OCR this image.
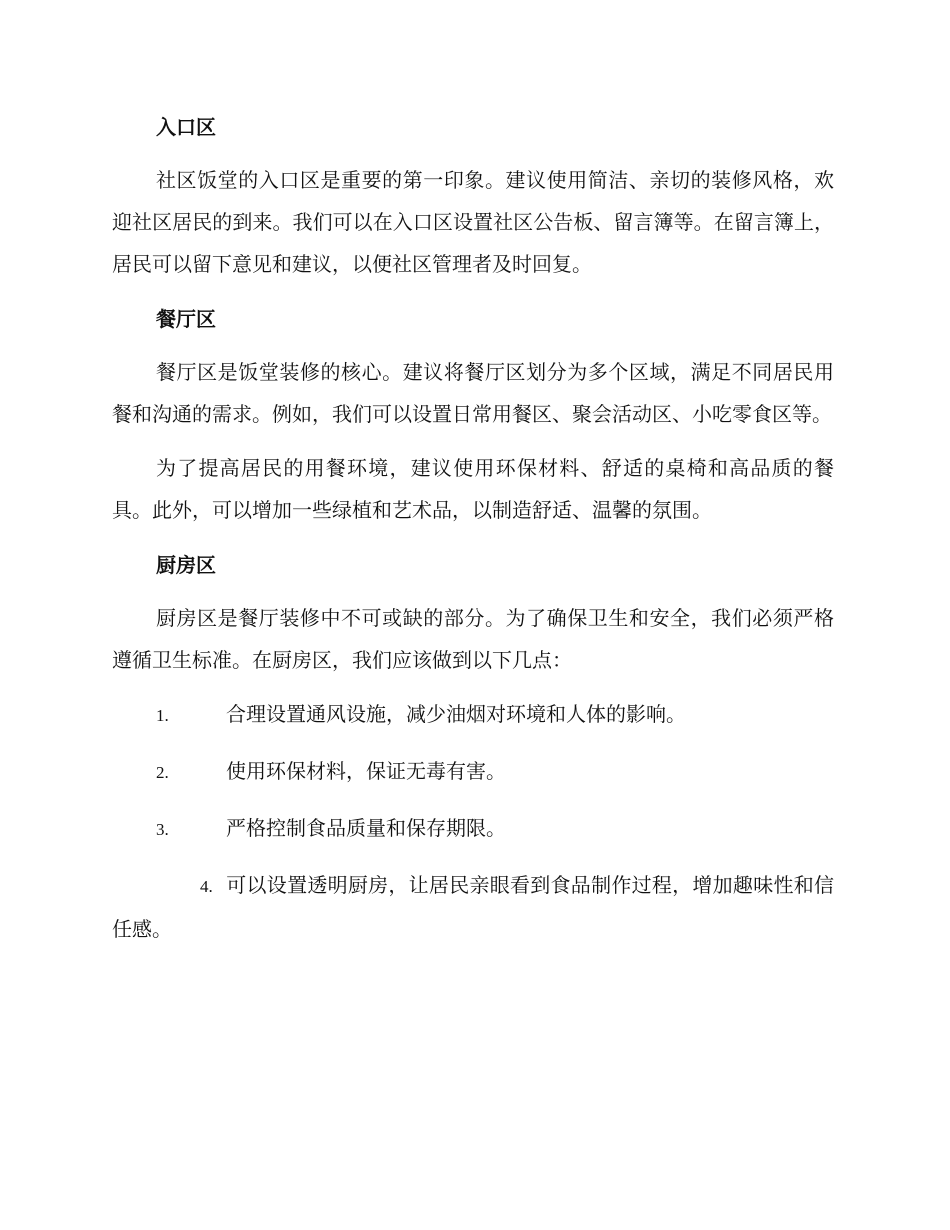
入口区

社区饭堂的入口区是重要的第一印象。建议使用简洁、亲切的装修风格，欢迎社区居民的到来。我们可以在入口区设置社区公告板、留言簿等。在留言簿上，居民可以留下意见和建议，以便社区管理者及时回复。

餐厅区

餐厅区是饭堂装修的核心。建议将餐厅区划分为多个区域，满足不同居民用餐和沟通的需求。例如，我们可以设置日常用餐区、聚会活动区、小吃零食区等。

为了提高居民的用餐环境，建议使用环保材料、舒适的桌椅和高品质的餐具。此外，可以增加一些绿植和艺术品，以制造舒适、温馨的氛围。

厨房区

厨房区是餐厅装修中不可或缺的部分。为了确保卫生和安全，我们必须严格遵循卫生标准。在厨房区，我们应该做到以下几点：

1.	合理设置通风设施，减少油烟对环境和人体的影响。
2.	使用环保材料，保证无毒有害。
3.	严格控制食品质量和保存期限。
4. 可以设置透明厨房，让居民亲眼看到食品制作过程，增加趣味性和信任感。
